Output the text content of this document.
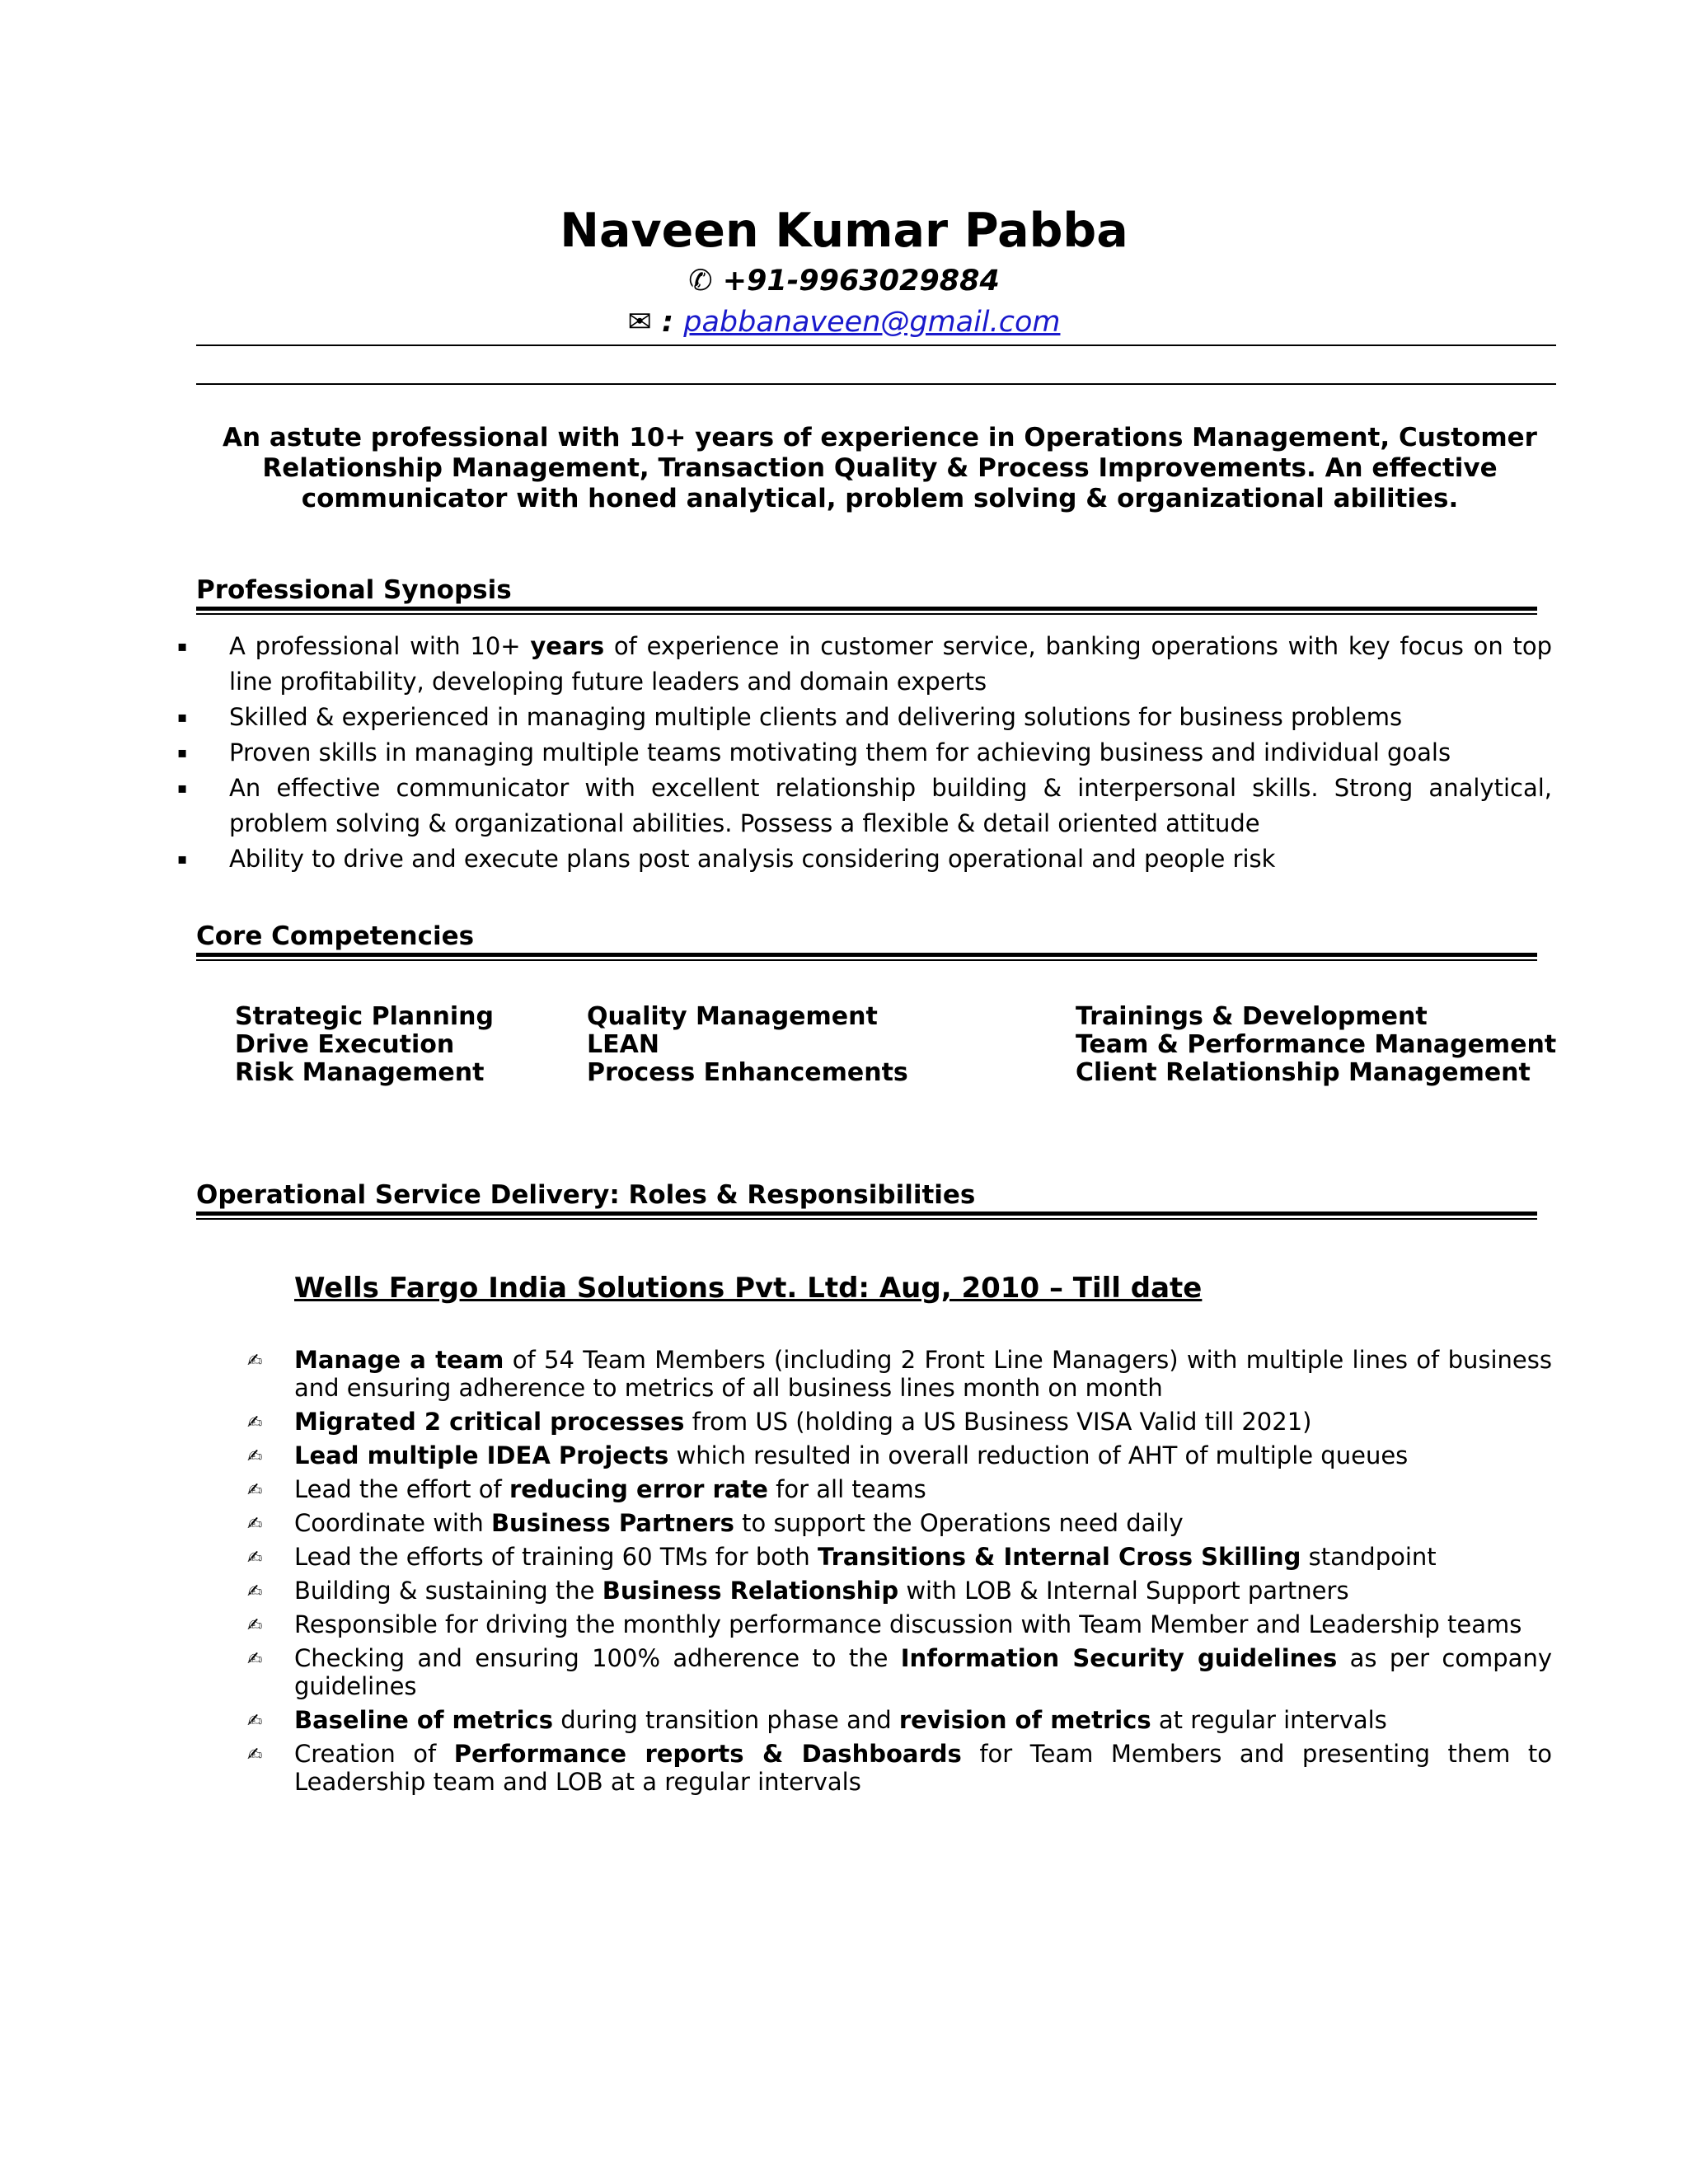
Naveen Kumar Pabba
✆ +91-9963029884
✉ : pabbanaveen@gmail.com
An astute professional with 10+ years of experience in Operations Management, Customer Relationship Management, Transaction Quality & Process Improvements. An effective communicator with honed analytical, problem solving & organizational abilities.
Professional Synopsis
▪ A professional with 10+ years of experience in customer service, banking operations with key focus on top line profitability, developing future leaders and domain experts
▪ Skilled & experienced in managing multiple clients and delivering solutions for business problems
▪ Proven skills in managing multiple teams motivating them for achieving business and individual goals
▪ An effective communicator with excellent relationship building & interpersonal skills. Strong analytical, problem solving & organizational abilities. Possess a flexible & detail oriented attitude
▪ Ability to drive and execute plans post analysis considering operational and people risk
Core Competencies
Strategic Planning
Drive Execution
Risk Management
Quality Management
LEAN
Process Enhancements
Trainings & Development
Team & Performance Management
Client Relationship Management
Operational Service Delivery: Roles & Responsibilities
Wells Fargo India Solutions Pvt. Ltd: Aug, 2010 – Till date
✍ Manage a team of 54 Team Members (including 2 Front Line Managers) with multiple lines of business and ensuring adherence to metrics of all business lines month on month
✍ Migrated 2 critical processes from US (holding a US Business VISA Valid till 2021)
✍ Lead multiple IDEA Projects which resulted in overall reduction of AHT of multiple queues
✍ Lead the effort of reducing error rate for all teams
✍ Coordinate with Business Partners to support the Operations need daily
✍ Lead the efforts of training 60 TMs for both Transitions & Internal Cross Skilling standpoint
✍ Building & sustaining the Business Relationship with LOB & Internal Support partners
✍ Responsible for driving the monthly performance discussion with Team Member and Leadership teams
✍ Checking and ensuring 100% adherence to the Information Security guidelines as per company guidelines
✍ Baseline of metrics during transition phase and revision of metrics at regular intervals
✍ Creation of Performance reports & Dashboards for Team Members and presenting them to Leadership team and LOB at a regular intervals
